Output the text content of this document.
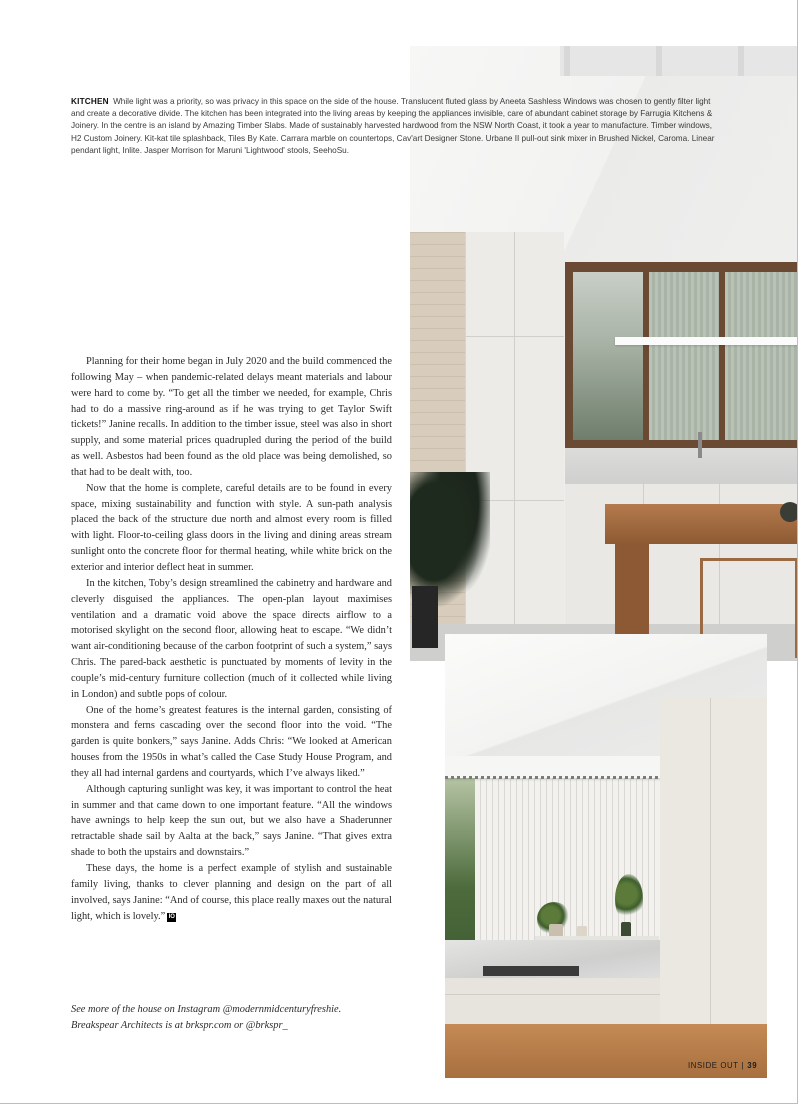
KITCHEN While light was a priority, so was privacy in this space on the side of the house. Translucent fluted glass by Aneeta Sashless Windows was chosen to gently filter light and create a decorative divide. The kitchen has been integrated into the living areas by keeping the appliances invisible, care of abundant cabinet storage by Farrugia Kitchens & Joinery. In the centre is an island by Amazing Timber Slabs. Made of sustainably harvested hardwood from the NSW North Coast, it took a year to manufacture. Timber windows, H2 Custom Joinery. Kit-kat tile splashback, Tiles By Kate. Carrara marble on countertops, Cav'art Designer Stone. Urbane II pull-out sink mixer in Brushed Nickel, Caroma. Linear pendant light, Inlite. Jasper Morrison for Maruni 'Lightwood' stools, SeehoSu.

Planning for their home began in July 2020 and the build commenced the following May – when pandemic-related delays meant materials and labour were hard to come by. “To get all the timber we needed, for example, Chris had to do a massive ring-around as if he was trying to get Taylor Swift tickets!” Janine recalls. In addition to the timber issue, steel was also in short supply, and some material prices quadrupled during the period of the build as well. Asbestos had been found as the old place was being demolished, so that had to be dealt with, too.

Now that the home is complete, careful details are to be found in every space, mixing sustainability and function with style. A sun-path analysis placed the back of the structure due north and almost every room is filled with light. Floor-to-ceiling glass doors in the living and dining areas stream sunlight onto the concrete floor for thermal heating, while white brick on the exterior and interior deflect heat in summer.

In the kitchen, Toby’s design streamlined the cabinetry and hardware and cleverly disguised the appliances. The open-plan layout maximises ventilation and a dramatic void above the space directs airflow to a motorised skylight on the second floor, allowing heat to escape. “We didn’t want air-conditioning because of the carbon footprint of such a system,” says Chris. The pared-back aesthetic is punctuated by moments of levity in the couple’s mid-century furniture collection (much of it collected while living in London) and subtle pops of colour.

One of the home’s greatest features is the internal garden, consisting of monstera and ferns cascading over the second floor into the void. “The garden is quite bonkers,” says Janine. Adds Chris: “We looked at American houses from the 1950s in what’s called the Case Study House Program, and they all had internal gardens and courtyards, which I’ve always liked.”

Although capturing sunlight was key, it was important to control the heat in summer and that came down to one important feature. “All the windows have awnings to help keep the sun out, but we also have a Shaderunner retractable shade sail by Aalta at the back,” says Janine. “That gives extra shade to both the upstairs and downstairs.”

These days, the home is a perfect example of stylish and sustainable family living, thanks to clever planning and design on the part of all involved, says Janine: “And of course, this place really maxes out the natural light, which is lovely.” IO

See more of the house on Instagram @modernmidcenturyfreshie.
Breakspear Architects is at brkspr.com or @brkspr_
INSIDE OUT | 39
